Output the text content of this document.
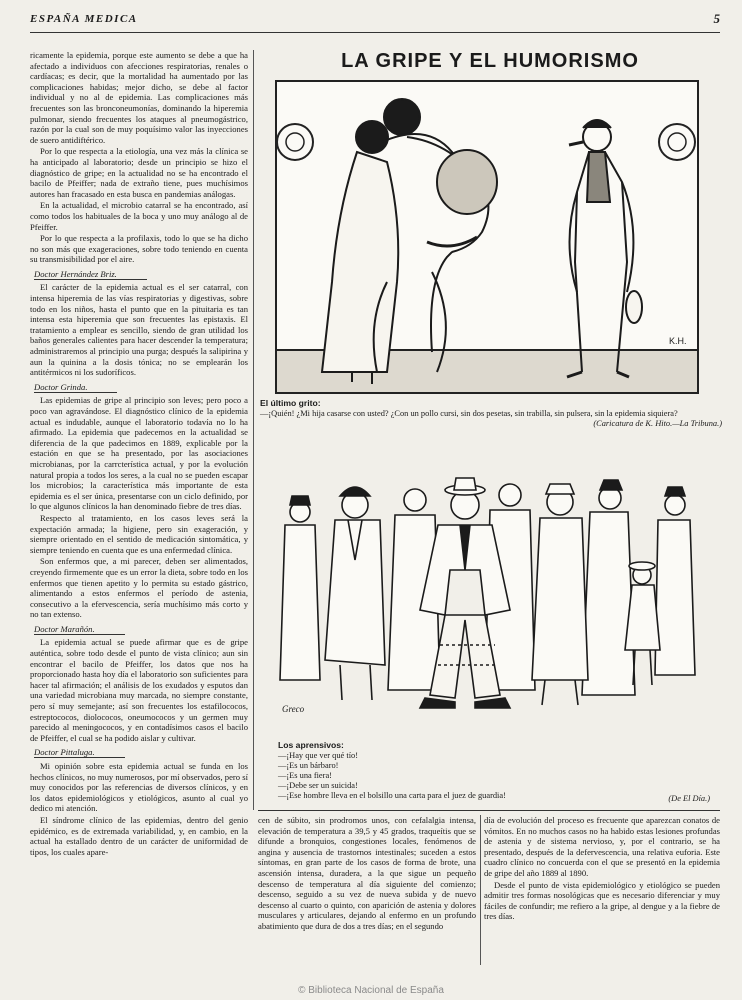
ESPAÑA MEDICA	5

ricamente la epidemia, porque este aumento se debe a que ha afectado a individuos con afecciones respiratorias, renales o cardíacas; es decir, que la mortalidad ha aumentado por las complicaciones habidas; mejor dicho, se debe al factor individual y no al de epidemia. Las complicaciones más frecuentes son las bronconeumonías, dominando la hiperemia pulmonar, siendo frecuentes los ataques al pneumogástrico, razón por la cual son de muy poquísimo valor las inyecciones de suero antidiftérico.

Por lo que respecta a la etiología, una vez más la clínica se ha anticipado al laboratorio; desde un principio se hizo el diagnóstico de gripe; en la actualidad no se ha encontrado el bacilo de Pfeiffer; nada de extraño tiene, pues muchísimos autores han fracasado en esta busca en pandemias análogas.

En la actualidad, el microbio catarral se ha encontrado, así como todos los habituales de la boca y uno muy análogo al de Pfeiffer.

Por lo que respecta a la profilaxis, todo lo que se ha dicho no son más que exageraciones, sobre todo teniendo en cuenta su transmisibilidad por el aire.

Doctor Hernández Briz.

El carácter de la epidemia actual es el ser catarral, con intensa hiperemia de las vías respiratorias y digestivas, sobre todo en los niños, hasta el punto que en la pituitaria es tan intensa esta hiperemia que son frecuentes las epistaxis. El tratamiento a emplear es sencillo, siendo de gran utilidad los baños generales calientes para hacer descender la temperatura; administraremos al principio una purga; después la salipirina y aun la quinina a la dosis tónica; no se emplearán los antitérmicos ni los sudoríficos.

Doctor Grinda.

Las epidemias de gripe al principio son leves; pero poco a poco van agravándose. El diagnóstico clínico de la epidemia actual es indudable, aunque el laboratorio todavía no lo ha afirmado. La epidemia que padecemos en la actualidad se diferencia de la que padecimos en 1889, explicable por la estación en que se ha presentado, por las asociaciones microbianas, por la carrcterística actual, y por la evolución natural propia a todos los seres, a la cual no se pueden escapar los microbios; la característica más importante de esta epidemia es el ser única, presentarse con un ciclo definido, por lo que algunos clínicos la han denominado fiebre de tres días.

Respecto al tratamiento, en los casos leves será la expectación armada; la higiene, pero sin exageración, y siempre orientado en el sentido de medicación sintomática, y siempre teniendo en cuenta que es una enfermedad clínica.

Son enfermos que, a mi parecer, deben ser alimentados, creyendo firmemente que es un error la dieta, sobre todo en los enfermos que tienen apetito y lo permita su estado gástrico, alimentando a estos enfermos el período de astenia, consecutivo a la efervescencia, sería muchísimo más corto y no tan extenso.

Doctor Marañón.

La epidemia actual se puede afirmar que es de gripe auténtica, sobre todo desde el punto de vista clínico; aun sin encontrar el bacilo de Pfeiffer, los datos que nos ha proporcionado hasta hoy día el laboratorio son suficientes para hacer tal afirmación; el análisis de los exudados y esputos dan una variedad microbiana muy marcada, no siempre constante, pero sí muy semejante; así son frecuentes los estafilococos, estreptococos, diolococos, oneumococos y un germen muy parecido al meningococos, y en contadísimos casos el bacilo de Pfeiffer, el cual se ha podido aislar y cultivar.

Doctor Pittaluga.

Mi opinión sobre esta epidemia actual se funda en los hechos clínicos, no muy numerosos, por mí observados, pero sí muy conocidos por las referencias de diversos clínicos, y en los datos epidemiológicos y etiológicos, asunto al cual yo dedico mi atención.

El síndrome clínico de las epidemias, dentro del genio epidémico, es de extremada variabilidad, y, en cambio, en la actual ha estallado dentro de un carácter de uniformidad de tipos, los cuales apare-

LA GRIPE Y EL HUMORISMO
K.H.
El último grito:
—¡Quién! ¿Mi hija casarse con usted? ¿Con un pollo cursi, sin dos pesetas, sin trabilla, sin pulsera, sin la epidemia siquiera?
(Caricatura de K. Hito.—La Tribuna.)
Greco
Los aprensivos:
—¡Hay que ver qué tío!
—¡Es un bárbaro!
—¡Es una fiera!
—¡Debe ser un suicida!
—¡Ese hombre lleva en el bolsillo una carta para el juez de guardia!	(De El Día.)

cen de súbito, sin prodromos unos, con cefalalgia intensa, elevación de temperatura a 39,5 y 45 grados, traqueítis que se difunde a bronquios, congestiones locales, fenómenos de angina y ausencia de trastornos intestinales; suceden a estos síntomas, en gran parte de los casos de forma de brote, una ascensión intensa, duradera, a la que sigue un pequeño descenso de temperatura al día siguiente del comienzo; descenso, seguido a su vez de nueva subida y de nuevo descenso al cuarto o quinto, con aparición de astenia y dolores musculares y articulares, dejando al enfermo en un profundo abatimiento que dura de dos a tres días; en el segundo

día de evolución del proceso es frecuente que aparezcan conatos de vómitos. En no muchos casos no ha habido estas lesiones profundas de astenia y de sistema nervioso, y, por el contrario, se ha presentado, después de la defervescencia, una relativa euforia. Este cuadro clínico no concuerda con el que se presentó en la epidemia de gripe del año 1889 al 1890.

Desde el punto de vista epidemiológico y etiológico se pueden admitir tres formas nosológicas que es necesario diferenciar y muy fáciles de confundir; me refiero a la gripe, al dengue y a la fiebre de tres días.

© Biblioteca Nacional de España
